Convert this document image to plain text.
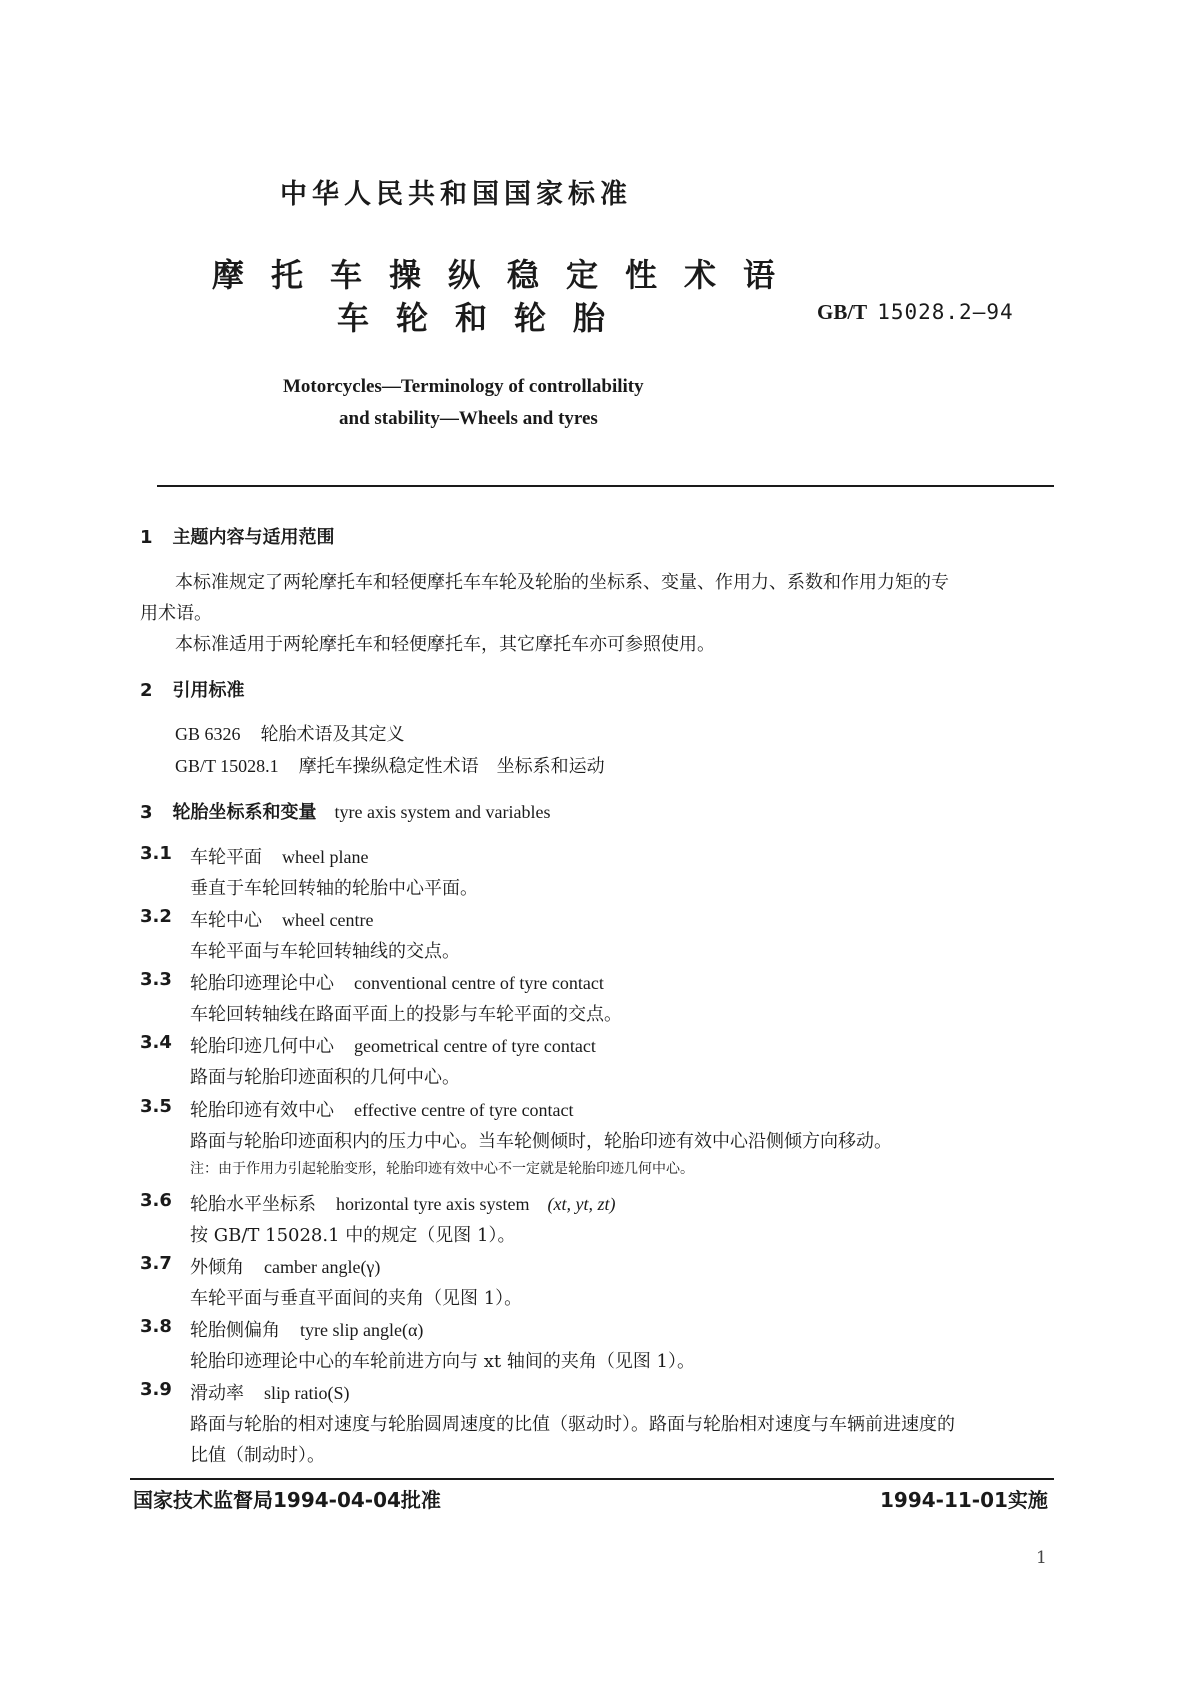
中华人民共和国国家标准
摩托车操纵稳定性术语
车轮和轮胎	GB/T 15028.2—94
Motorcycles—Terminology of controllability
and stability—Wheels and tyres
1 主题内容与适用范围
本标准规定了两轮摩托车和轻便摩托车车轮及轮胎的坐标系、变量、作用力、系数和作用力矩的专
用术语。
本标准适用于两轮摩托车和轻便摩托车，其它摩托车亦可参照使用。
2 引用标准
GB 6326 轮胎术语及其定义
GB/T 15028.1 摩托车操纵稳定性术语　坐标系和运动
3 轮胎坐标系和变量 tyre axis system and variables
3.1 车轮平面 wheel plane
垂直于车轮回转轴的轮胎中心平面。
3.2 车轮中心 wheel centre
车轮平面与车轮回转轴线的交点。
3.3 轮胎印迹理论中心 conventional centre of tyre contact
车轮回转轴线在路面平面上的投影与车轮平面的交点。
3.4 轮胎印迹几何中心 geometrical centre of tyre contact
路面与轮胎印迹面积的几何中心。
3.5 轮胎印迹有效中心 effective centre of tyre contact
路面与轮胎印迹面积内的压力中心。当车轮侧倾时，轮胎印迹有效中心沿侧倾方向移动。
注：由于作用力引起轮胎变形，轮胎印迹有效中心不一定就是轮胎印迹几何中心。
3.6 轮胎水平坐标系 horizontal tyre axis system (xt, yt, zt)
按 GB/T 15028.1 中的规定（见图 1）。
3.7 外倾角 camber angle(γ)
车轮平面与垂直平面间的夹角（见图 1）。
3.8 轮胎侧偏角 tyre slip angle(α)
轮胎印迹理论中心的车轮前进方向与 xt 轴间的夹角（见图 1）。
3.9 滑动率 slip ratio(S)
路面与轮胎的相对速度与轮胎圆周速度的比值（驱动时）。路面与轮胎相对速度与车辆前进速度的
比值（制动时）。
国家技术监督局1994-04-04批准	1994-11-01实施
1
